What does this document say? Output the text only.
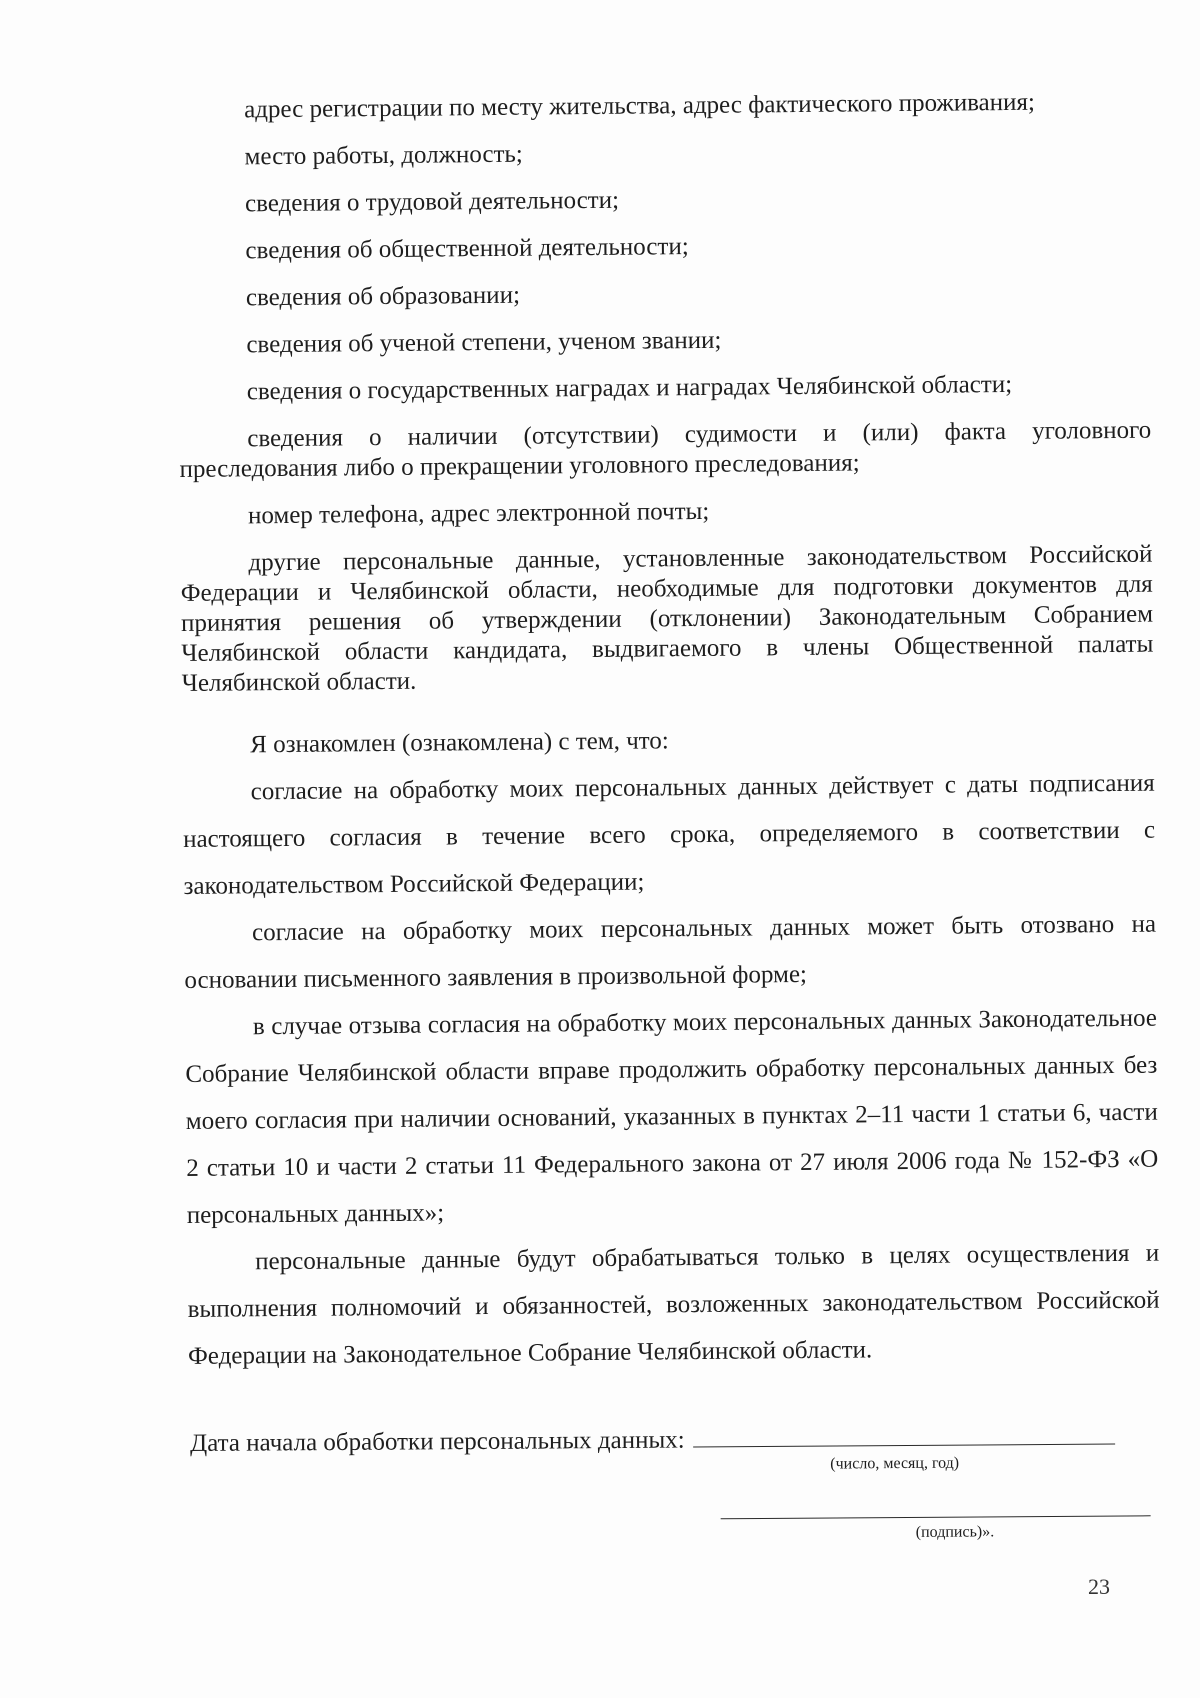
адрес регистрации по месту жительства, адрес фактического проживания;

место работы, должность;

сведения о трудовой деятельности;

сведения об общественной деятельности;

сведения об образовании;

сведения об ученой степени, ученом звании;

сведения о государственных наградах и наградах Челябинской области;

сведения о наличии (отсутствии) судимости и (или) факта уголовного преследования либо о прекращении уголовного преследования;

номер телефона, адрес электронной почты;

другие персональные данные, установленные законодательством Российской Федерации и Челябинской области, необходимые для подготовки документов для принятия решения об утверждении (отклонении) Законодательным Собранием Челябинской области кандидата, выдвигаемого в члены Общественной палаты Челябинской области.

Я ознакомлен (ознакомлена) с тем, что:

согласие на обработку моих персональных данных действует с даты подписания настоящего согласия в течение всего срока, определяемого в соответствии с законодательством Российской Федерации;

согласие на обработку моих персональных данных может быть отозвано на основании письменного заявления в произвольной форме;

в случае отзыва согласия на обработку моих персональных данных Законодательное Собрание Челябинской области вправе продолжить обработку персональных данных без моего согласия при наличии оснований, указанных в пунктах 2–11 части 1 статьи 6, части 2 статьи 10 и части 2 статьи 11 Федерального закона от 27 июля 2006 года № 152-ФЗ «О персональных данных»;

персональные данные будут обрабатываться только в целях осуществления и выполнения полномочий и обязанностей, возложенных законодательством Российской Федерации на Законодательное Собрание Челябинской области.

Дата начала обработки персональных данных:
(число, месяц, год)
(подпись)».
23
